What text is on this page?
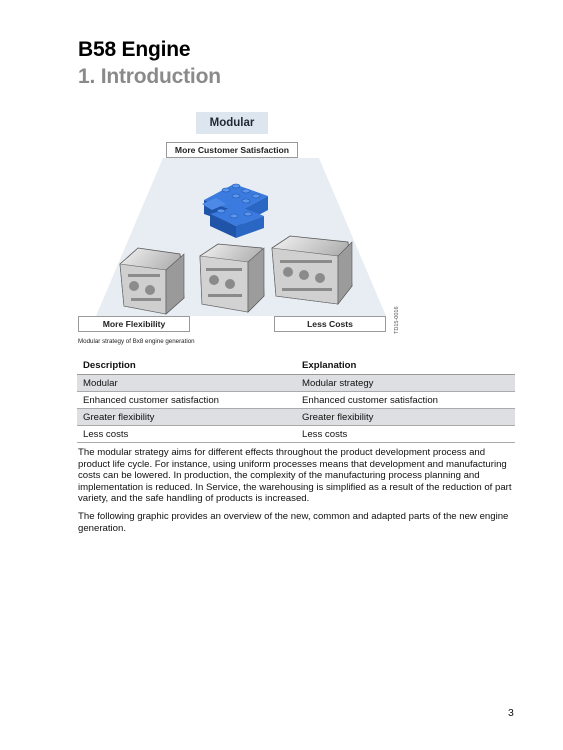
B58 Engine
1. Introduction
Modular
More Customer Satisfaction
More Flexibility	Less Costs	TD15-0016
Modular strategy of Bx8 engine generation
Description	Explanation
Modular	Modular strategy
Enhanced customer satisfaction	Enhanced customer satisfaction
Greater flexibility	Greater flexibility
Less costs	Less costs

The modular strategy aims for different effects throughout the product development process and product life cycle. For instance, using uniform processes means that development and manufacturing costs can be lowered. In production, the complexity of the manufacturing process planning and implementation is reduced. In Service, the warehousing is simplified as a result of the reduction of part variety, and the safe handling of products is increased.

The following graphic provides an overview of the new, common and adapted parts of the new engine generation.

3
